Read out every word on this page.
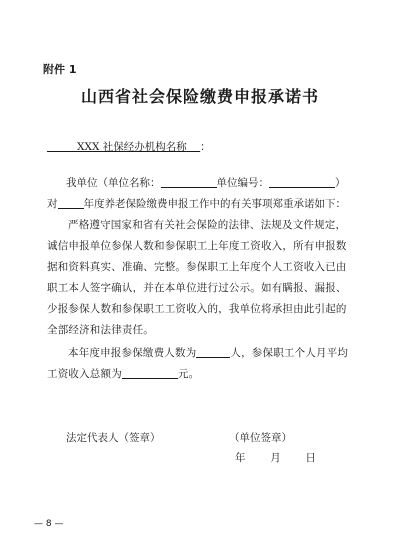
附件 1
山西省社会保险缴费申报承诺书
XXX 社保经办机构名称 ：
我单位（单位名称：	单位编号：	）
对 年度养老保险缴费申报工作中的有关事项郑重承诺如下：
严格遵守国家和省有关社会保险的法律、法规及文件规定，诚信申报单位参保人数和参保职工上年度工资收入，所有申报数据和资料真实、准确、完整。参保职工上年度个人工资收入已由职工本人签字确认，并在本单位进行过公示。如有瞒报、漏报、少报参保人数和参保职工工资收入的，我单位将承担由此引起的全部经济和法律责任。
本年度申报参保缴费人数为	人，参保职工个人月平均工资收入总额为	元。
法定代表人（签章）	（单位签章）
年 月 日
— 8 —
